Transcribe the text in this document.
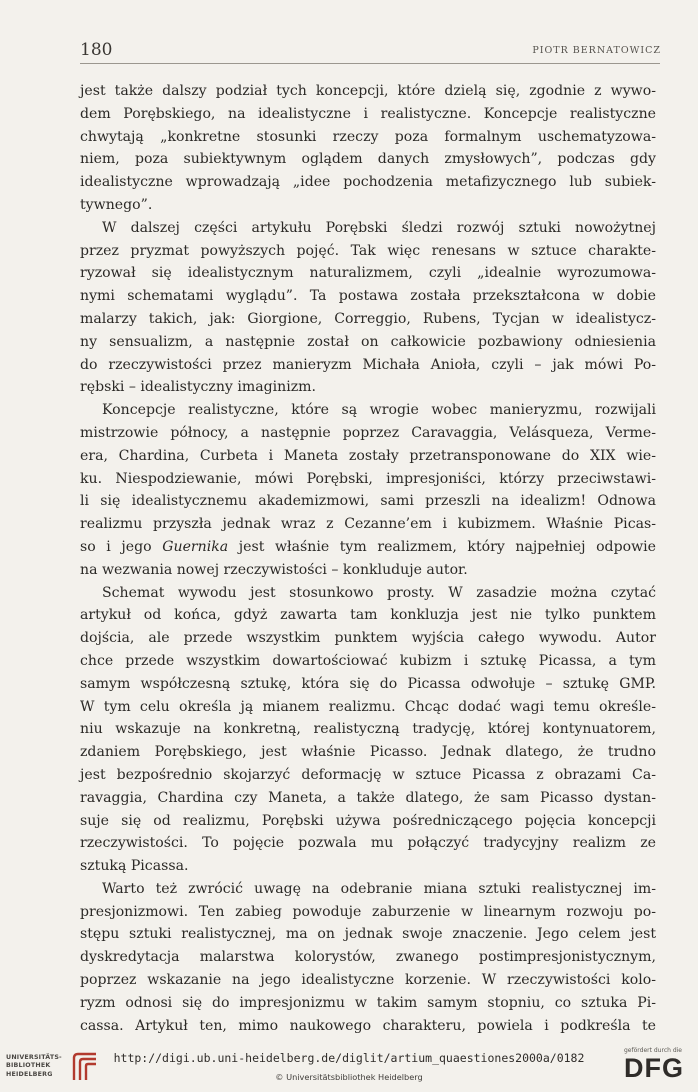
180	PIOTR BERNATOWICZ
jest także dalszy podział tych koncepcji, które dzielą się, zgodnie z wywo-
dem Porębskiego, na idealistyczne i realistyczne. Koncepcje realistyczne
chwytają „konkretne stosunki rzeczy poza formalnym uschematyzowa-
niem, poza subiektywnym oglądem danych zmysłowych”, podczas gdy
idealistyczne wprowadzają „idee pochodzenia metafizycznego lub subiek-
tywnego”.
W dalszej części artykułu Porębski śledzi rozwój sztuki nowożytnej
przez pryzmat powyższych pojęć. Tak więc renesans w sztuce charakte-
ryzował się idealistycznym naturalizmem, czyli „idealnie wyrozumowa-
nymi schematami wyglądu”. Ta postawa została przekształcona w dobie
malarzy takich, jak: Giorgione, Correggio, Rubens, Tycjan w idealistycz-
ny sensualizm, a następnie został on całkowicie pozbawiony odniesienia
do rzeczywistości przez manieryzm Michała Anioła, czyli – jak mówi Po-
rębski – idealistyczny imaginizm.
Koncepcje realistyczne, które są wrogie wobec manieryzmu, rozwijali
mistrzowie północy, a następnie poprzez Caravaggia, Velásqueza, Verme-
era, Chardina, Curbeta i Maneta zostały przetransponowane do XIX wie-
ku. Niespodziewanie, mówi Porębski, impresjoniści, którzy przeciwstawi-
li się idealistycznemu akademizmowi, sami przeszli na idealizm! Odnowa
realizmu przyszła jednak wraz z Cezanne’em i kubizmem. Właśnie Picas-
so i jego Guernika jest właśnie tym realizmem, który najpełniej odpowie
na wezwania nowej rzeczywistości – konkluduje autor.
Schemat wywodu jest stosunkowo prosty. W zasadzie można czytać
artykuł od końca, gdyż zawarta tam konkluzja jest nie tylko punktem
dojścia, ale przede wszystkim punktem wyjścia całego wywodu. Autor
chce przede wszystkim dowartościować kubizm i sztukę Picassa, a tym
samym współczesną sztukę, która się do Picassa odwołuje – sztukę GMP.
W tym celu określa ją mianem realizmu. Chcąc dodać wagi temu określe-
niu wskazuje na konkretną, realistyczną tradycję, której kontynuatorem,
zdaniem Porębskiego, jest właśnie Picasso. Jednak dlatego, że trudno
jest bezpośrednio skojarzyć deformację w sztuce Picassa z obrazami Ca-
ravaggia, Chardina czy Maneta, a także dlatego, że sam Picasso dystan-
suje się od realizmu, Porębski używa pośredniczącego pojęcia koncepcji
rzeczywistości. To pojęcie pozwala mu połączyć tradycyjny realizm ze
sztuką Picassa.
Warto też zwrócić uwagę na odebranie miana sztuki realistycznej im-
presjonizmowi. Ten zabieg powoduje zaburzenie w linearnym rozwoju po-
stępu sztuki realistycznej, ma on jednak swoje znaczenie. Jego celem jest
dyskredytacja malarstwa kolorystów, zwanego postimpresjonistycznym,
poprzez wskazanie na jego idealistyczne korzenie. W rzeczywistości kolo-
ryzm odnosi się do impresjonizmu w takim samym stopniu, co sztuka Pi-
cassa. Artykuł ten, mimo naukowego charakteru, powiela i podkreśla te
UNIVERSITÄTS-
BIBLIOTHEK
HEIDELBERG
http://digi.ub.uni-heidelberg.de/diglit/artium_quaestiones2000a/0182
© Universitätsbibliothek Heidelberg
gefördert durch die
DFG
